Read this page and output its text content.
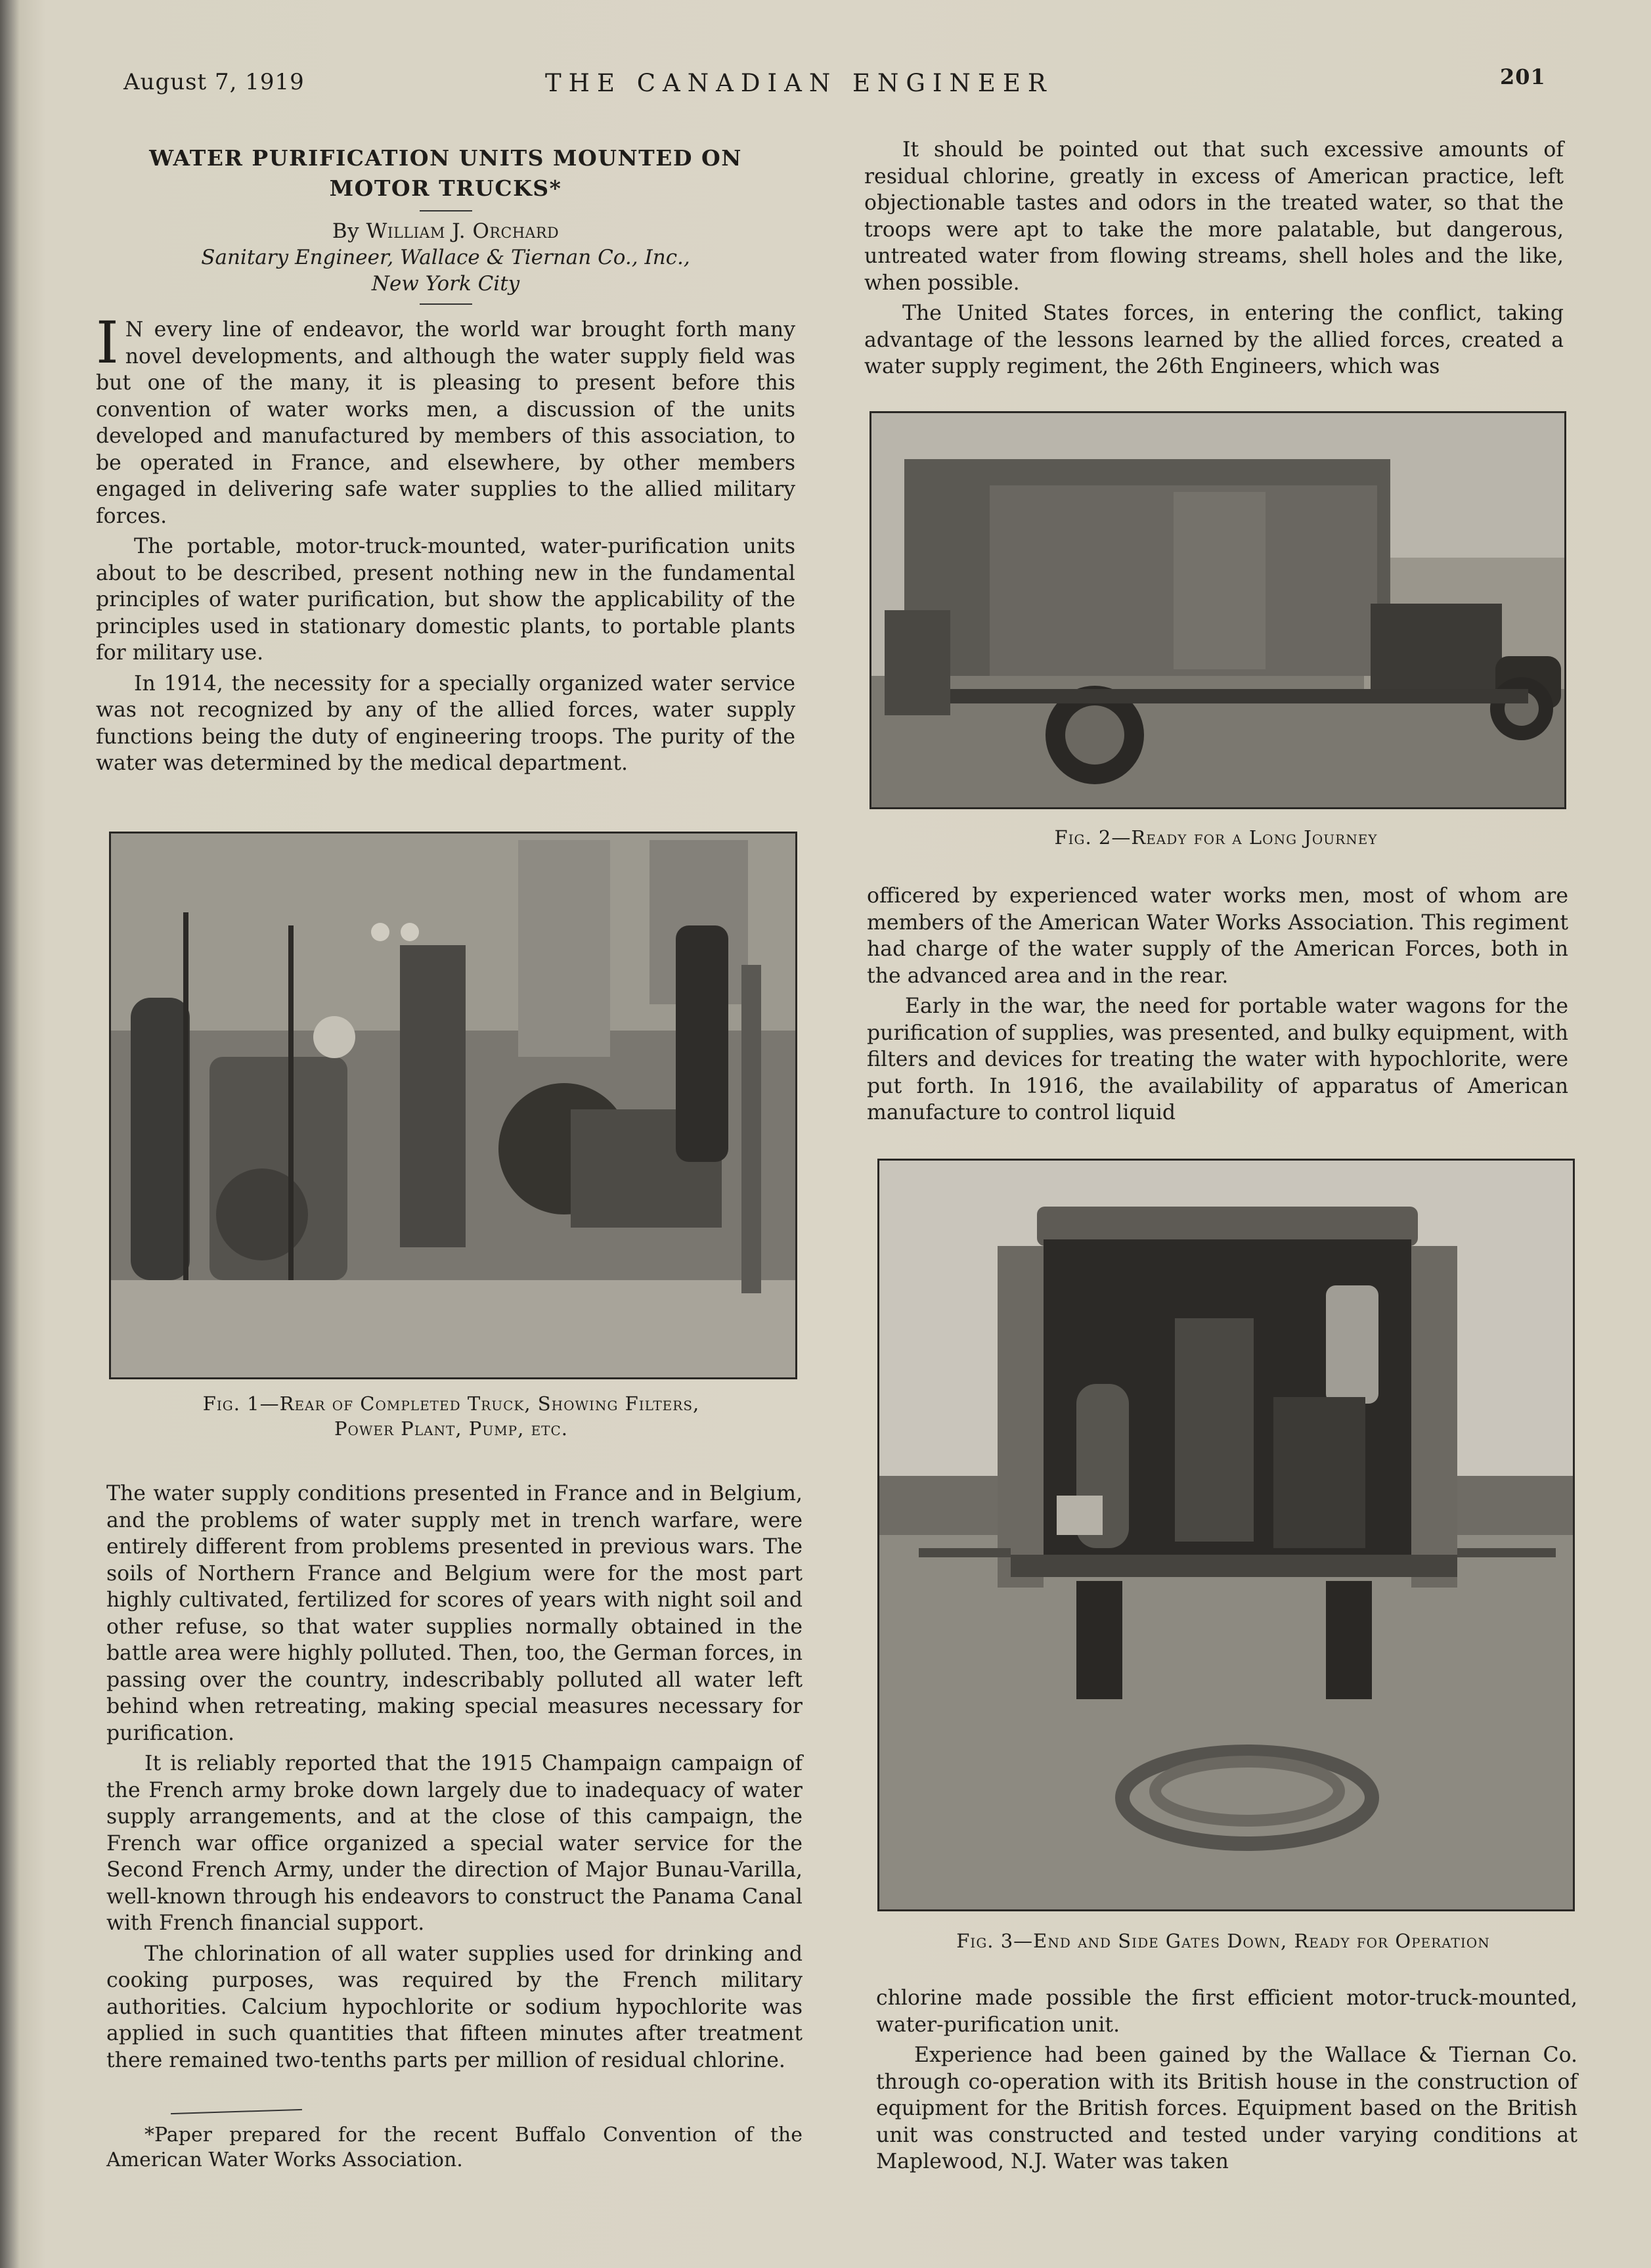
August 7, 1919	THE CANADIAN ENGINEER	201
WATER PURIFICATION UNITS MOUNTED ON
MOTOR TRUCKS*
By William J. Orchard
Sanitary Engineer, Wallace & Tiernan Co., Inc.,
New York City

I N every line of endeavor, the world war brought forth many novel developments, and although the water supply field was but one of the many, it is pleasing to present before this convention of water works men, a discussion of the units developed and manufactured by members of this association, to be operated in France, and elsewhere, by other members engaged in delivering safe water supplies to the allied military forces.

The portable, motor-truck-mounted, water-purification units about to be described, present nothing new in the fundamental principles of water purification, but show the applicability of the principles used in stationary domestic plants, to portable plants for military use.

In 1914, the necessity for a specially organized water service was not recognized by any of the allied forces, water supply functions being the duty of engineering troops. The purity of the water was determined by the medical department.

Fig. 1—Rear of Completed Truck, Showing Filters,
Power Plant, Pump, etc.

The water supply conditions presented in France and in Belgium, and the problems of water supply met in trench warfare, were entirely different from problems presented in previous wars. The soils of Northern France and Belgium were for the most part highly cultivated, fertilized for scores of years with night soil and other refuse, so that water supplies normally obtained in the battle area were highly polluted. Then, too, the German forces, in passing over the country, indescribably polluted all water left behind when retreating, making special measures necessary for purification.

It is reliably reported that the 1915 Champaign campaign of the French army broke down largely due to inadequacy of water supply arrangements, and at the close of this campaign, the French war office organized a special water service for the Second French Army, under the direction of Major Bunau-Varilla, well-known through his endeavors to construct the Panama Canal with French financial support.

The chlorination of all water supplies used for drinking and cooking purposes, was required by the French military authorities. Calcium hypochlorite or sodium hypochlorite was applied in such quantities that fifteen minutes after treatment there remained two-tenths parts per million of residual chlorine.

*Paper prepared for the recent Buffalo Convention of the American Water Works Association.

It should be pointed out that such excessive amounts of residual chlorine, greatly in excess of American practice, left objectionable tastes and odors in the treated water, so that the troops were apt to take the more palatable, but dangerous, untreated water from flowing streams, shell holes and the like, when possible.

The United States forces, in entering the conflict, taking advantage of the lessons learned by the allied forces, created a water supply regiment, the 26th Engineers, which was

Fig. 2—Ready for a Long Journey

officered by experienced water works men, most of whom are members of the American Water Works Association. This regiment had charge of the water supply of the American Forces, both in the advanced area and in the rear.

Early in the war, the need for portable water wagons for the purification of supplies, was presented, and bulky equipment, with filters and devices for treating the water with hypochlorite, were put forth. In 1916, the availability of apparatus of American manufacture to control liquid

Fig. 3—End and Side Gates Down, Ready for Operation

chlorine made possible the first efficient motor-truck-mounted, water-purification unit.

Experience had been gained by the Wallace & Tiernan Co. through co-operation with its British house in the construction of equipment for the British forces. Equipment based on the British unit was constructed and tested under varying conditions at Maplewood, N.J. Water was taken
